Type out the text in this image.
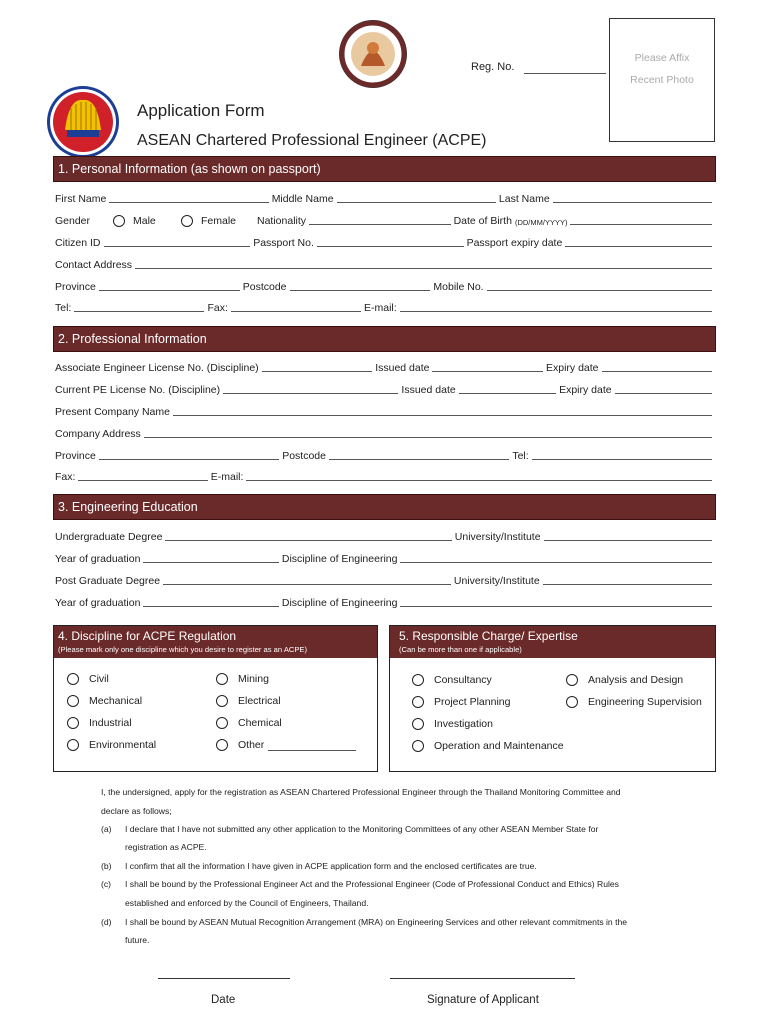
Reg. No.
Please Affix
Recent Photo
Application Form
ASEAN Chartered Professional Engineer (ACPE)
1. Personal Information (as shown on passport)
First Name	Middle Name	Last Name
Gender	Male	Female	Nationality	Date of Birth (DD/MM/YYYY)
Citizen ID	Passport No.	Passport expiry date
Contact Address
Province	Postcode	Mobile No.
Tel:	Fax:	E-mail:
2. Professional Information
Associate Engineer License No. (Discipline)	Issued date	Expiry date
Current PE License No. (Discipline)	Issued date	Expiry date
Present Company Name
Company Address
Province	Postcode	Tel:
Fax:	E-mail:
3. Engineering Education
Undergraduate Degree	University/Institute
Year of graduation	Discipline of Engineering
Post Graduate Degree	University/Institute
Year of graduation	Discipline of Engineering
4. Discipline for ACPE Regulation
(Please mark only one discipline which you desire to register as an ACPE)
Civil	Mining
Mechanical	Electrical
Industrial	Chemical
Environmental	Other
5. Responsible Charge/ Expertise
(Can be more than one if applicable)
Consultancy	Analysis and Design
Project Planning	Engineering Supervision
Investigation
Operation and Maintenance
I, the undersigned, apply for the registration as ASEAN Chartered Professional Engineer through the Thailand Monitoring Committee and
declare as follows;
(a) I declare that I have not submitted any other application to the Monitoring Committees of any other ASEAN Member State for
registration as ACPE.
(b) I confirm that all the information I have given in ACPE application form and the enclosed certificates are true.
(c) I shall be bound by the Professional Engineer Act and the Professional Engineer (Code of Professional Conduct and Ethics) Rules
established and enforced by the Council of Engineers, Thailand.
(d) I shall be bound by ASEAN Mutual Recognition Arrangement (MRA) on Engineering Services and other relevant commitments in the
future.
Date	Signature of Applicant
